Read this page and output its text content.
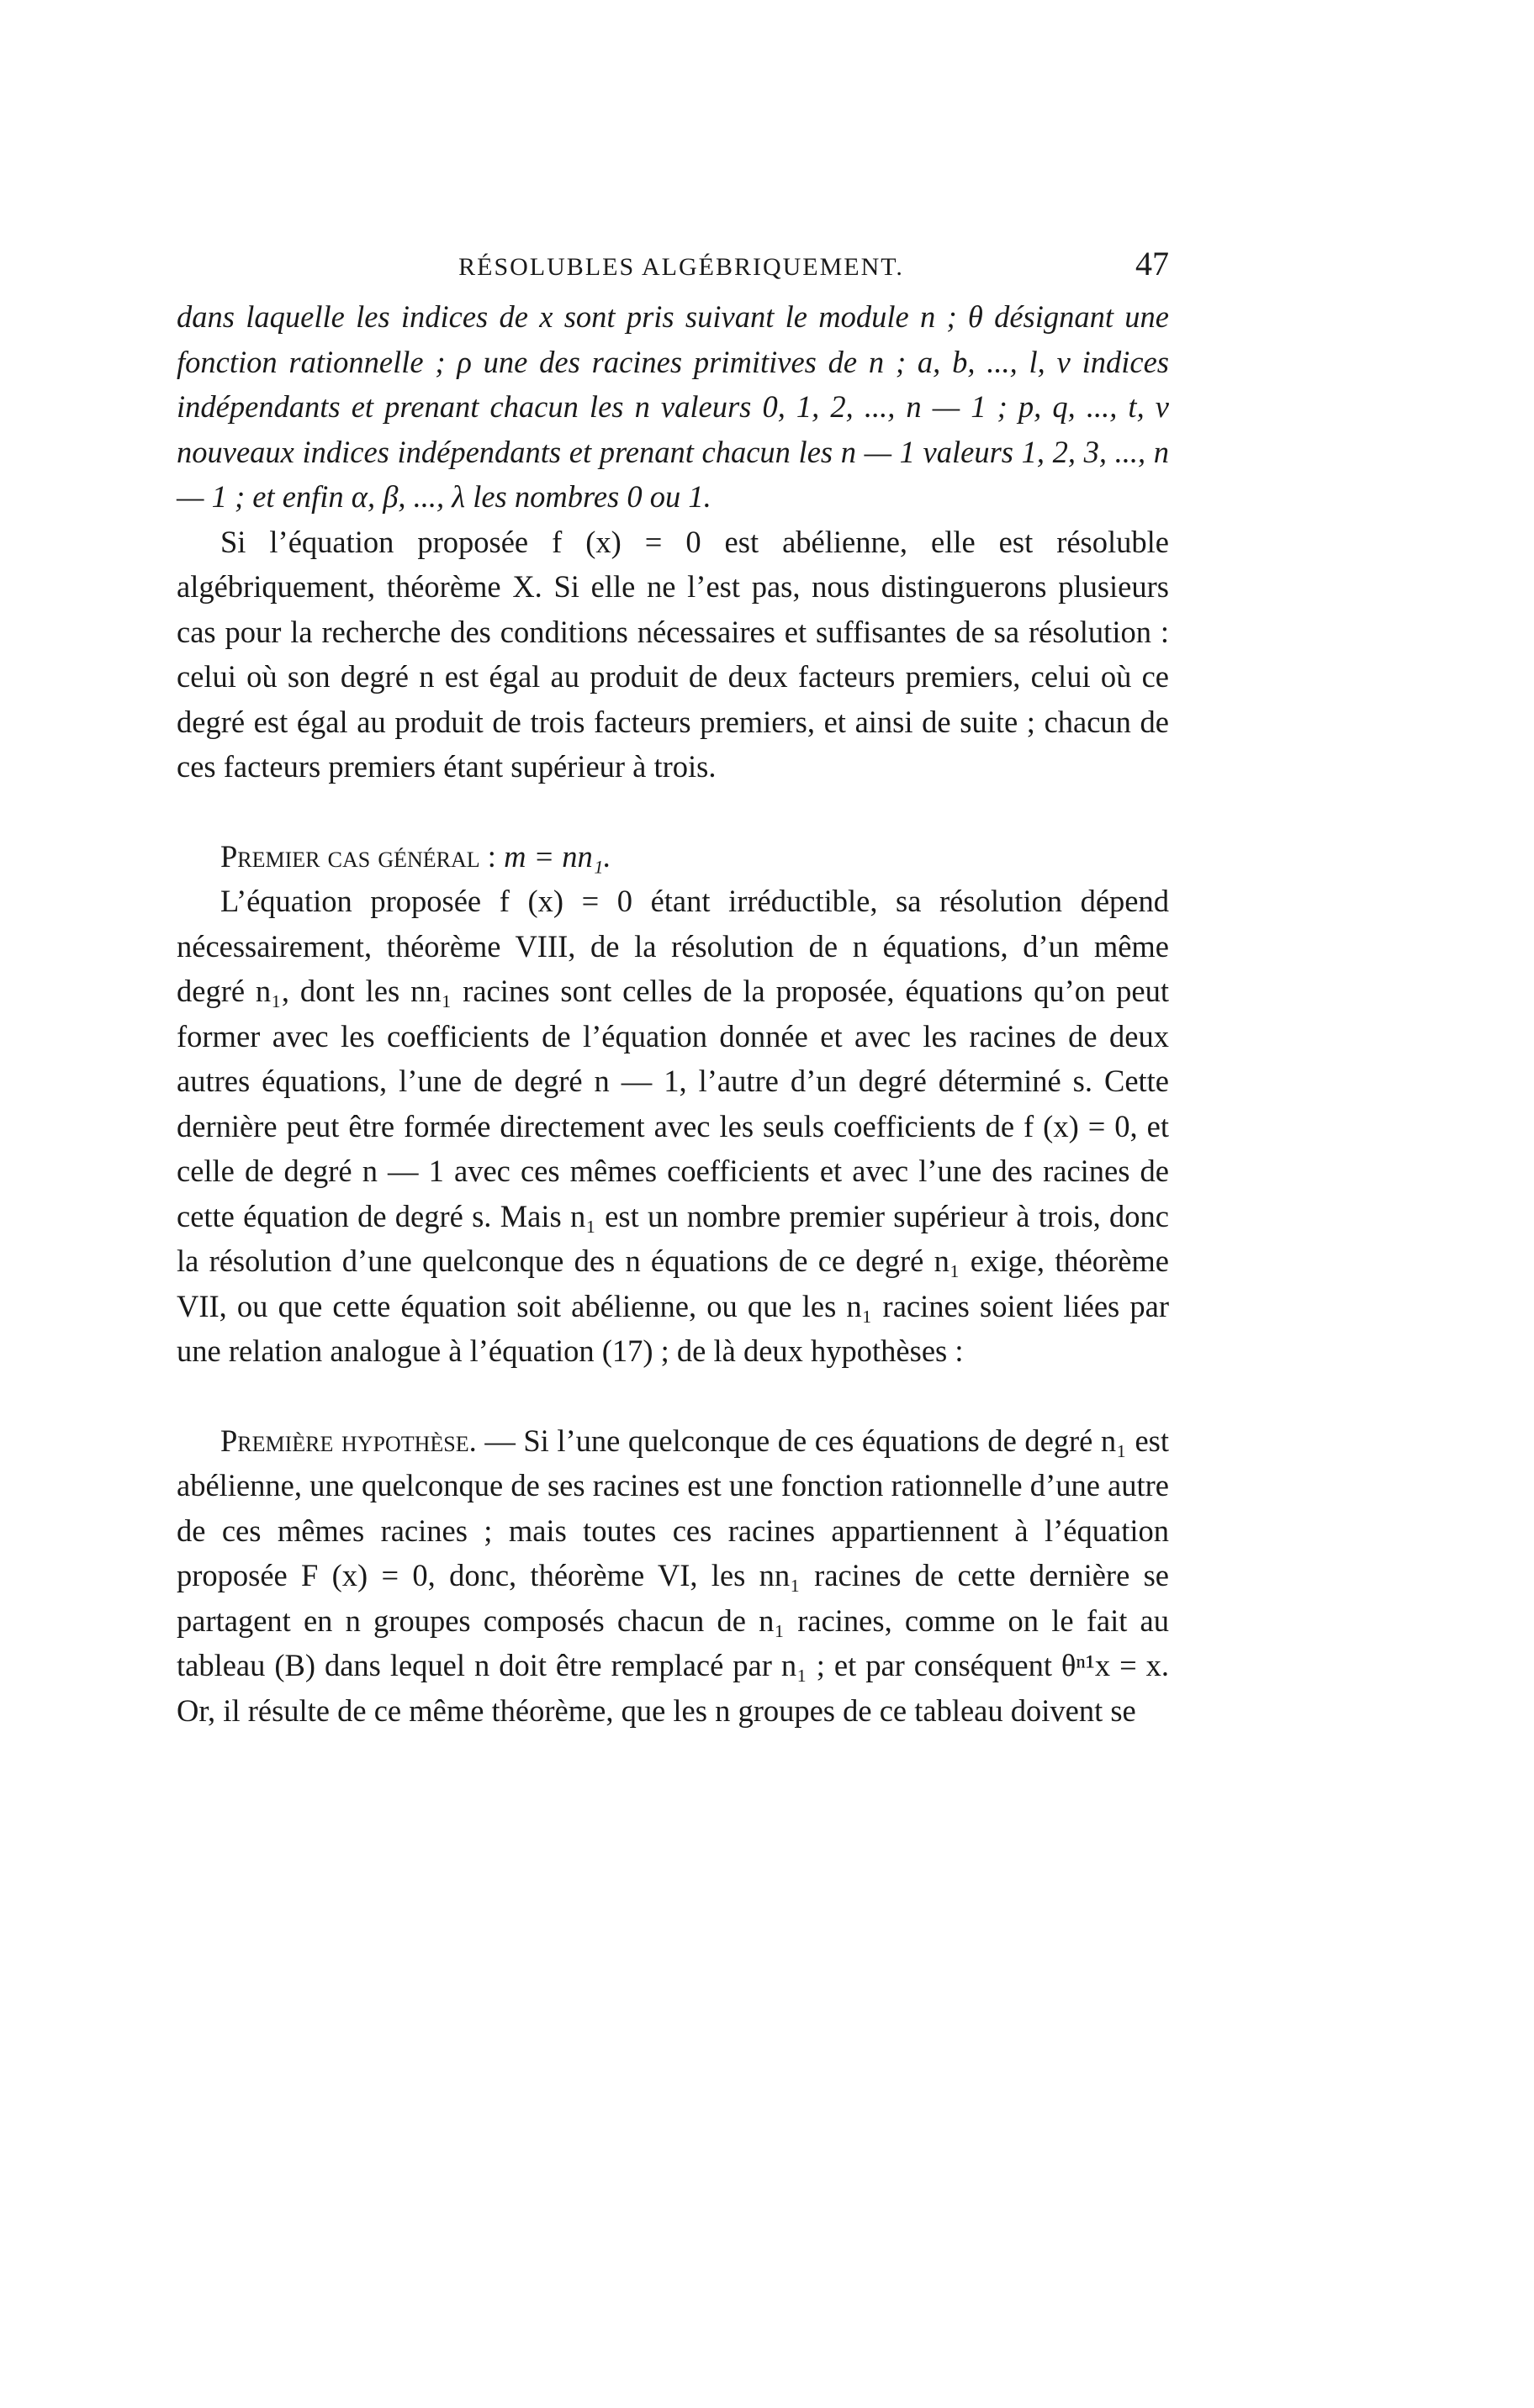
RÉSOLUBLES ALGÉBRIQUEMENT.	47

dans laquelle les indices de x sont pris suivant le module n ; θ désignant une fonction rationnelle ; ρ une des racines primitives de n ; a, b, ..., l, v indices indépendants et prenant chacun les n valeurs 0, 1, 2, ..., n — 1 ; p, q, ..., t, v nouveaux indices indépendants et prenant chacun les n — 1 valeurs 1, 2, 3, ..., n — 1 ; et enfin α, β, ..., λ les nombres 0 ou 1.

Si l’équation proposée f (x) = 0 est abélienne, elle est résoluble algébriquement, théorème X. Si elle ne l’est pas, nous distinguerons plusieurs cas pour la recherche des conditions nécessaires et suffisantes de sa résolution : celui où son degré n est égal au produit de deux facteurs premiers, celui où ce degré est égal au produit de trois facteurs premiers, et ainsi de suite ; chacun de ces facteurs premiers étant supérieur à trois.

Premier cas général : m = nn₁.

L’équation proposée f (x) = 0 étant irréductible, sa résolution dépend nécessairement, théorème VIII, de la résolution de n équations, d’un même degré n₁, dont les nn₁ racines sont celles de la proposée, équations qu’on peut former avec les coefficients de l’équation donnée et avec les racines de deux autres équations, l’une de degré n — 1, l’autre d’un degré déterminé s. Cette dernière peut être formée directement avec les seuls coefficients de f (x) = 0, et celle de degré n — 1 avec ces mêmes coefficients et avec l’une des racines de cette équation de degré s. Mais n₁ est un nombre premier supérieur à trois, donc la résolution d’une quelconque des n équations de ce degré n₁ exige, théorème VII, ou que cette équation soit abélienne, ou que les n₁ racines soient liées par une relation analogue à l’équation (17) ; de là deux hypothèses :

Première hypothèse. — Si l’une quelconque de ces équations de degré n₁ est abélienne, une quelconque de ses racines est une fonction rationnelle d’une autre de ces mêmes racines ; mais toutes ces racines appartiennent à l’équation proposée F (x) = 0, donc, théorème VI, les nn₁ racines de cette dernière se partagent en n groupes composés chacun de n₁ racines, comme on le fait au tableau (B) dans lequel n doit être remplacé par n₁ ; et par conséquent θⁿ¹x = x. Or, il résulte de ce même théorème, que les n groupes de ce tableau doivent se
